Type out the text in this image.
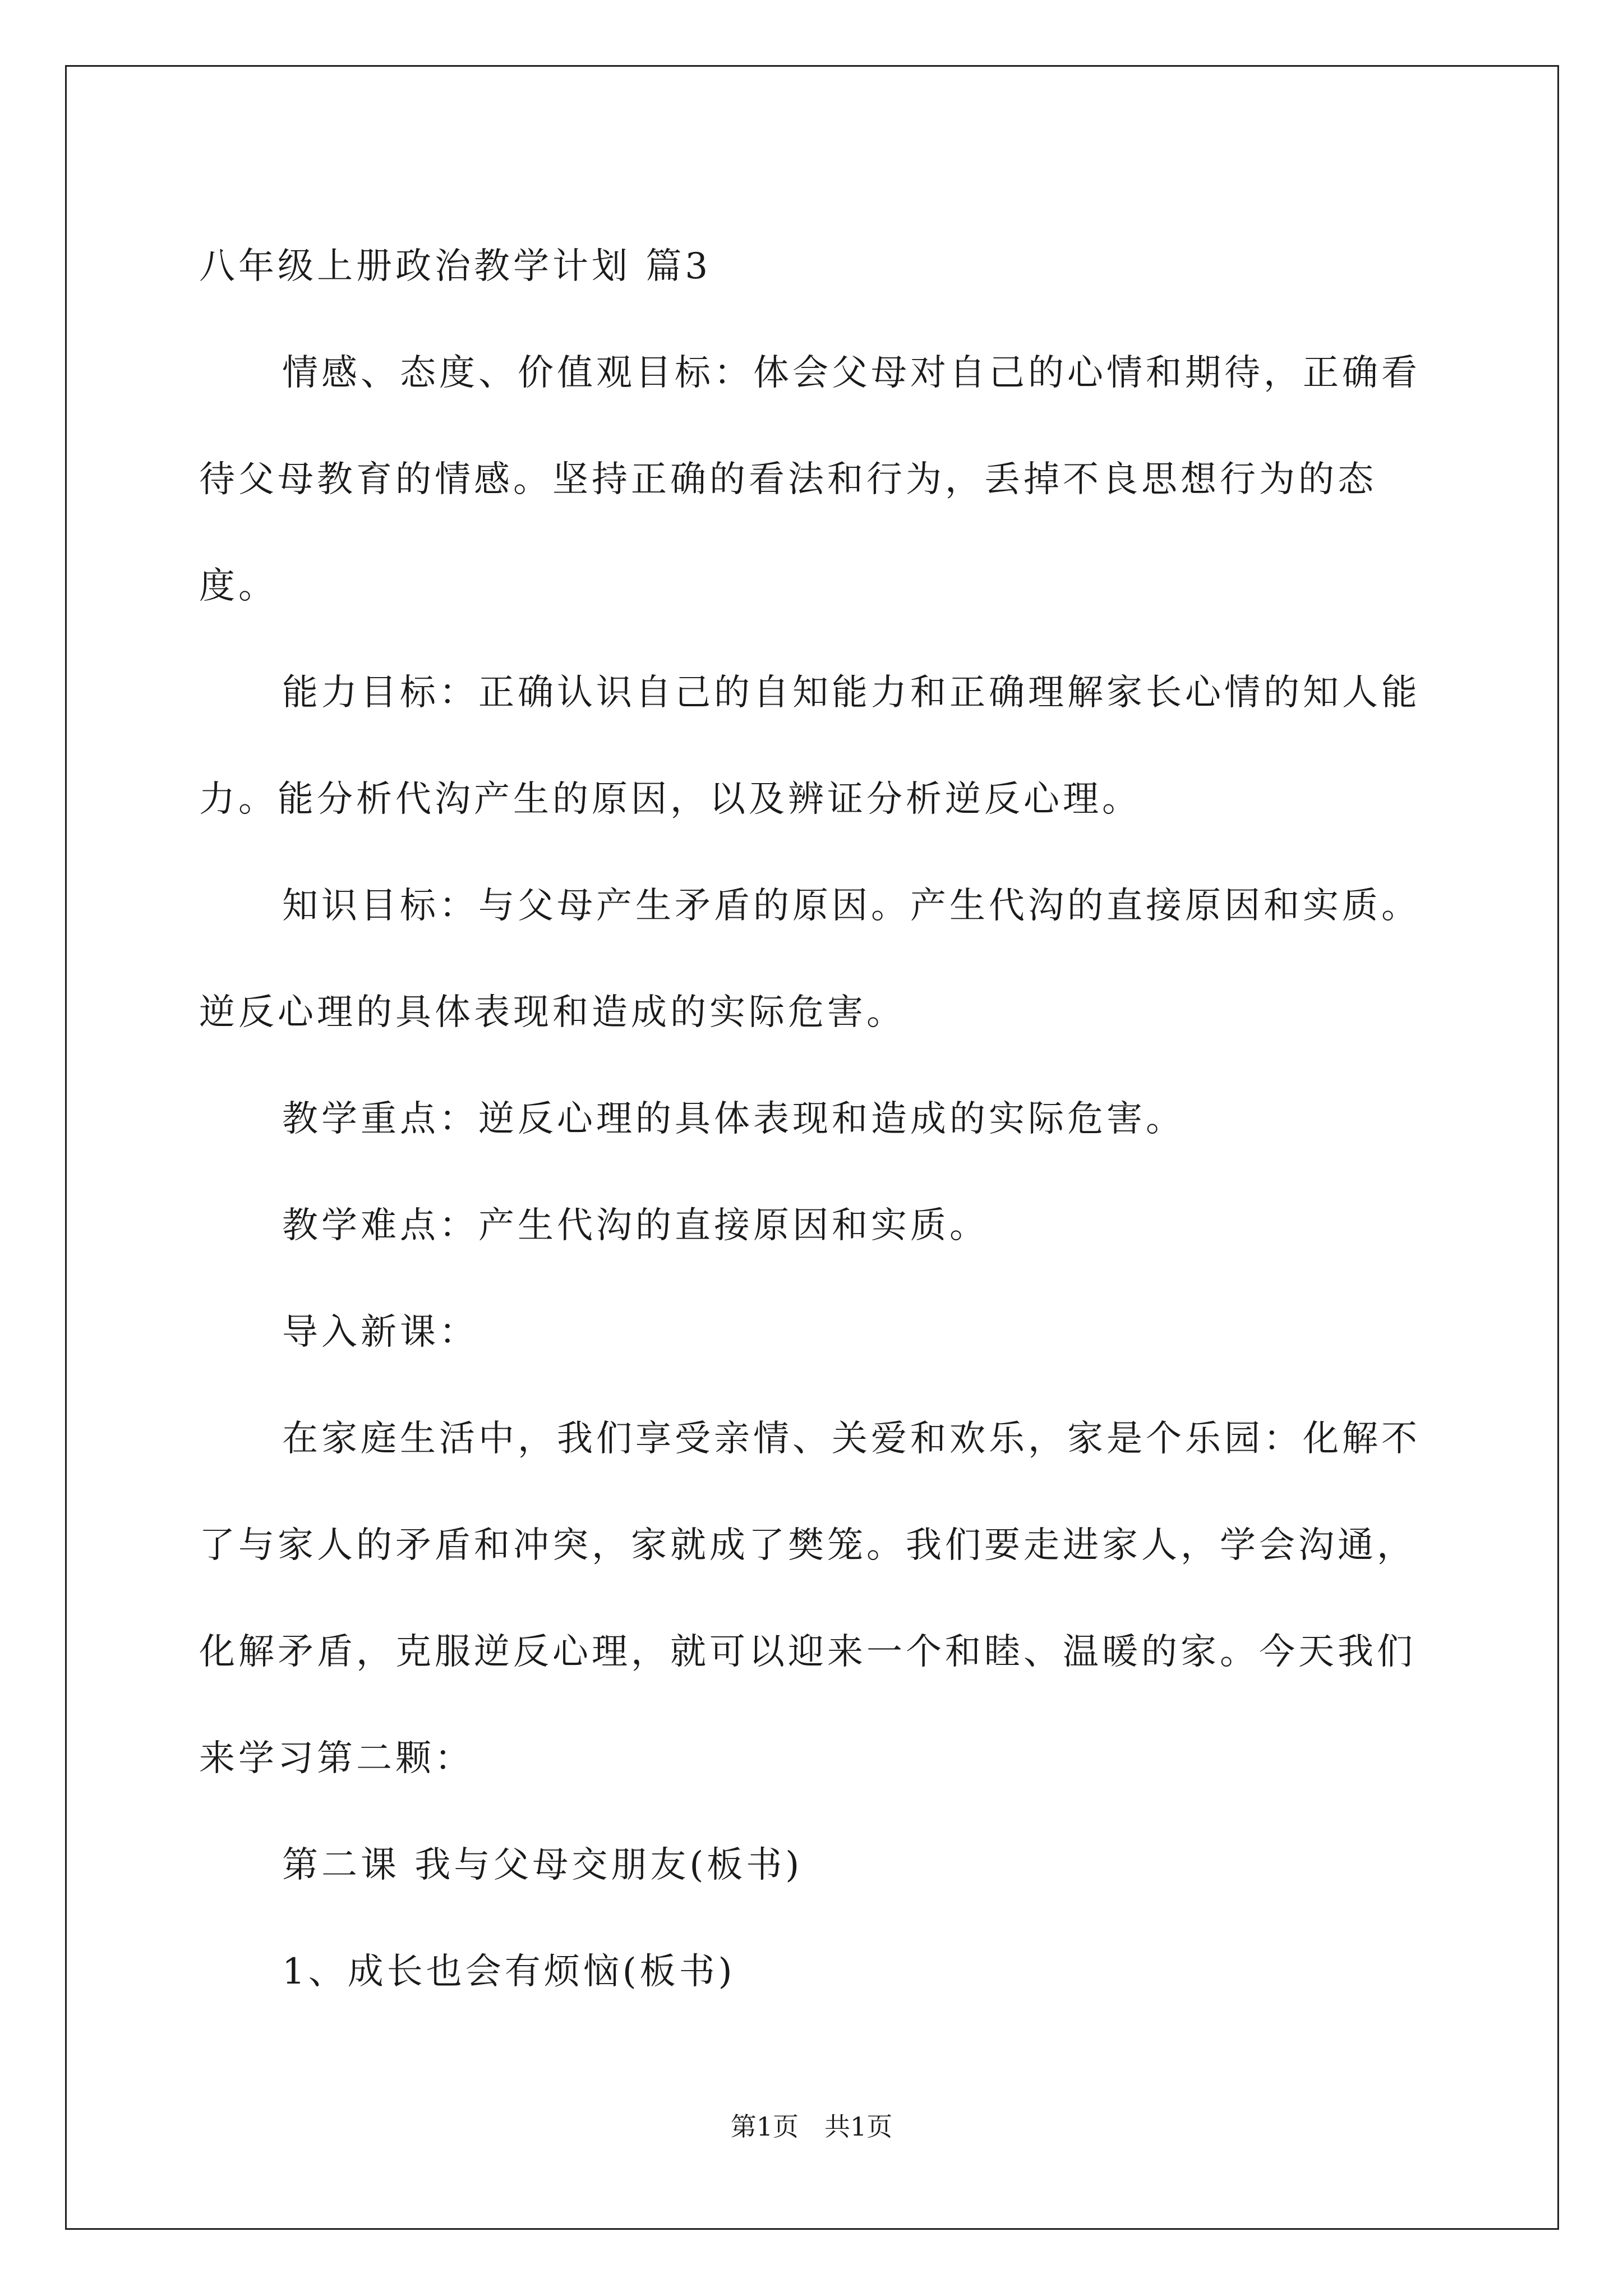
八年级上册政治教学计划 篇3

情感、态度、价值观目标：体会父母对自己的心情和期待，正确看待父母教育的情感。坚持正确的看法和行为，丢掉不良思想行为的态度。

能力目标：正确认识自己的自知能力和正确理解家长心情的知人能力。能分析代沟产生的原因，以及辨证分析逆反心理。

知识目标：与父母产生矛盾的原因。产生代沟的直接原因和实质。逆反心理的具体表现和造成的实际危害。

教学重点：逆反心理的具体表现和造成的实际危害。

教学难点：产生代沟的直接原因和实质。

导入新课：

在家庭生活中，我们享受亲情、关爱和欢乐，家是个乐园：化解不了与家人的矛盾和冲突，家就成了樊笼。我们要走进家人，学会沟通，化解矛盾，克服逆反心理，就可以迎来一个和睦、温暖的家。今天我们来学习第二颗：

第二课 我与父母交朋友(板书)

1、成长也会有烦恼(板书)

第1页　共1页
